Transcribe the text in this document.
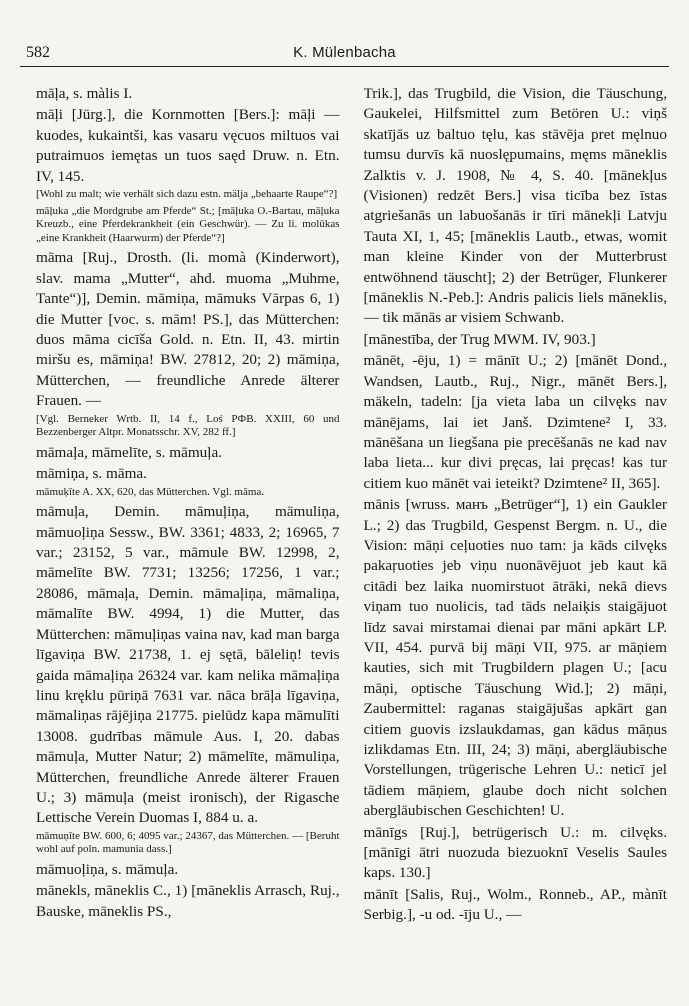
582	K. Mülenbacha

māļa, s. màlis I.

māļi [Jürg.], die Kornmotten [Bers.]: māļi — kuodes, kukaintši, kas vasaru vęcuos miltuos vai putraimuos iemętas un tuos saęd Druw. n. Etn. IV, 145.

[Wohl zu malt; wie verhält sich dazu estn. mälja „behaarte Raupe“?]

māļuka „die Mordgrube am Pferde“ St.; [māļuka O.-Bartau, māļuka Kreuzb., eine Pferdekrankheit (ein Geschwür). — Zu li. molūkas „eine Krankheit (Haarwurm) der Pferde“?]

māma [Ruj., Drosth. (li. momà (Kinderwort), slav. mama „Mutter“, ahd. muoma „Muhme, Tante“)], Demin. māmiņa, māmuks Vārpas 6, 1) die Mutter [voc. s. mām! PS.], das Mütterchen: duos māma cicīša Gold. n. Etn. II, 43. mirtin miršu es, māmiņa! BW. 27812, 20; 2) māmiņa, Mütterchen, — freundliche Anrede älterer Frauen. —

[Vgl. Berneker Wrtb. II, 14 f., Loś PФВ. XXIII, 60 und Bezzenberger Altpr. Monatsschr. XV, 282 ff.]

māmaļa, māmelīte, s. māmuļa.

māmiņa, s. māma.

māmuķīte A. XX, 620, das Mütterchen. Vgl. māma.

māmuļa, Demin. māmuļiņa, māmuliņa, māmuoļiņa Sessw., BW. 3361; 4833, 2; 16965, 7 var.; 23152, 5 var., māmule BW. 12998, 2, māmelīte BW. 7731; 13256; 17256, 1 var.; 28086, māmaļa, Demin. māmaļiņa, māmaliņa, māmalīte BW. 4994, 1) die Mutter, das Mütterchen: māmuļiņas vaina nav, kad man barga līgaviņa BW. 21738, 1. ej sętā, bāleliņ! tevis gaida māmaļiņa 26324 var. kam nelika māmaļiņa linu kręklu pūriņā 7631 var. nāca brāļa līgaviņa, māmaliņas rājējiņa 21775. pielūdz kapa māmulīti 13008. gudrības māmule Aus. I, 20. dabas māmuļa, Mutter Natur; 2) māmelīte, māmuliņa, Mütterchen, freundliche Anrede älterer Frauen U.; 3) māmuļa (meist ironisch), der Rigasche Lettische Verein Duomas I, 884 u. a.

māmuņīte BW. 600, 6; 4095 var.; 24367, das Mütterchen. — [Beruht wohl auf poln. mamunia dass.]

māmuoļiņa, s. māmuļa.

mānekls, māneklis C., 1) [māneklis Arrasch, Ruj., Bauske, māneklis PS.,

Trik.], das Trugbild, die Vision, die Täuschung, Gaukelei, Hilfsmittel zum Betören U.: viņš skatījās uz baltuo tęlu, kas stāvēja pret męlnuo tumsu durvīs kā nuoslępumains, męms māneklis Zalktis v. J. 1908, № 4, S. 40. [mānekļus (Visionen) redzēt Bers.] visa ticība bez īstas atgriešanās un labuošanās ir tīri mānekļi Latvju Tauta XI, 1, 45; [māneklis Lautb., etwas, womit man kleine Kinder von der Mutterbrust entwöhnend täuscht]; 2) der Betrüger, Flunkerer [māneklis N.-Peb.]: Andris palicis liels māneklis, — tik mānās ar visiem Schwanb.

[mānestība, der Trug MWM. IV, 903.]

mānēt, -ēju, 1) = mānīt U.; 2) [mānēt Dond., Wandsen, Lautb., Ruj., Nigr., mānēt Bers.], mäkeln, tadeln: [ja vieta laba un cilvęks nav mānējams, lai iet Janš. Dzimtene² I, 33. mānēšana un liegšana pie precēšanās ne kad nav laba lieta... kur divi pręcas, lai pręcas! kas tur citiem kuo mānēt vai ieteikt? Dzimtene² II, 365].

mānis [wruss. манъ „Betrüger“], 1) ein Gaukler L.; 2) das Trugbild, Gespenst Bergm. n. U., die Vision: māņi ceļuoties nuo tam: ja kāds cilvęks pakaŗuoties jeb viņu nuonāvējuot jeb kaut kā citādi bez laika nuomirstuot ātrāki, nekā dievs viņam tuo nuolicis, tad tāds nelaiķis staigājuot līdz savai mirstamai dienai par māni apkārt LP. VII, 454. purvā bij māņi VII, 975. ar māņiem kauties, sich mit Trugbildern plagen U.; [acu māņi, optische Täuschung Wid.]; 2) māņi, Zaubermittel: raganas staigājušas apkārt gan citiem guovis izslaukdamas, gan kādus māņus izlikdamas Etn. III, 24; 3) māņi, abergläubische Vorstellungen, trügerische Lehren U.: neticī jel tādiem māņiem, glaube doch nicht solchen abergläubischen Geschichten! U.

mānīgs [Ruj.], betrügerisch U.: m. cilvęks. [mānīgi ātri nuozuda biezuoknī Veselis Saules kaps. 130.]

mānīt [Salis, Ruj., Wolm., Ronneb., AP., mànīt Serbig.], -u od. -īju U., —
